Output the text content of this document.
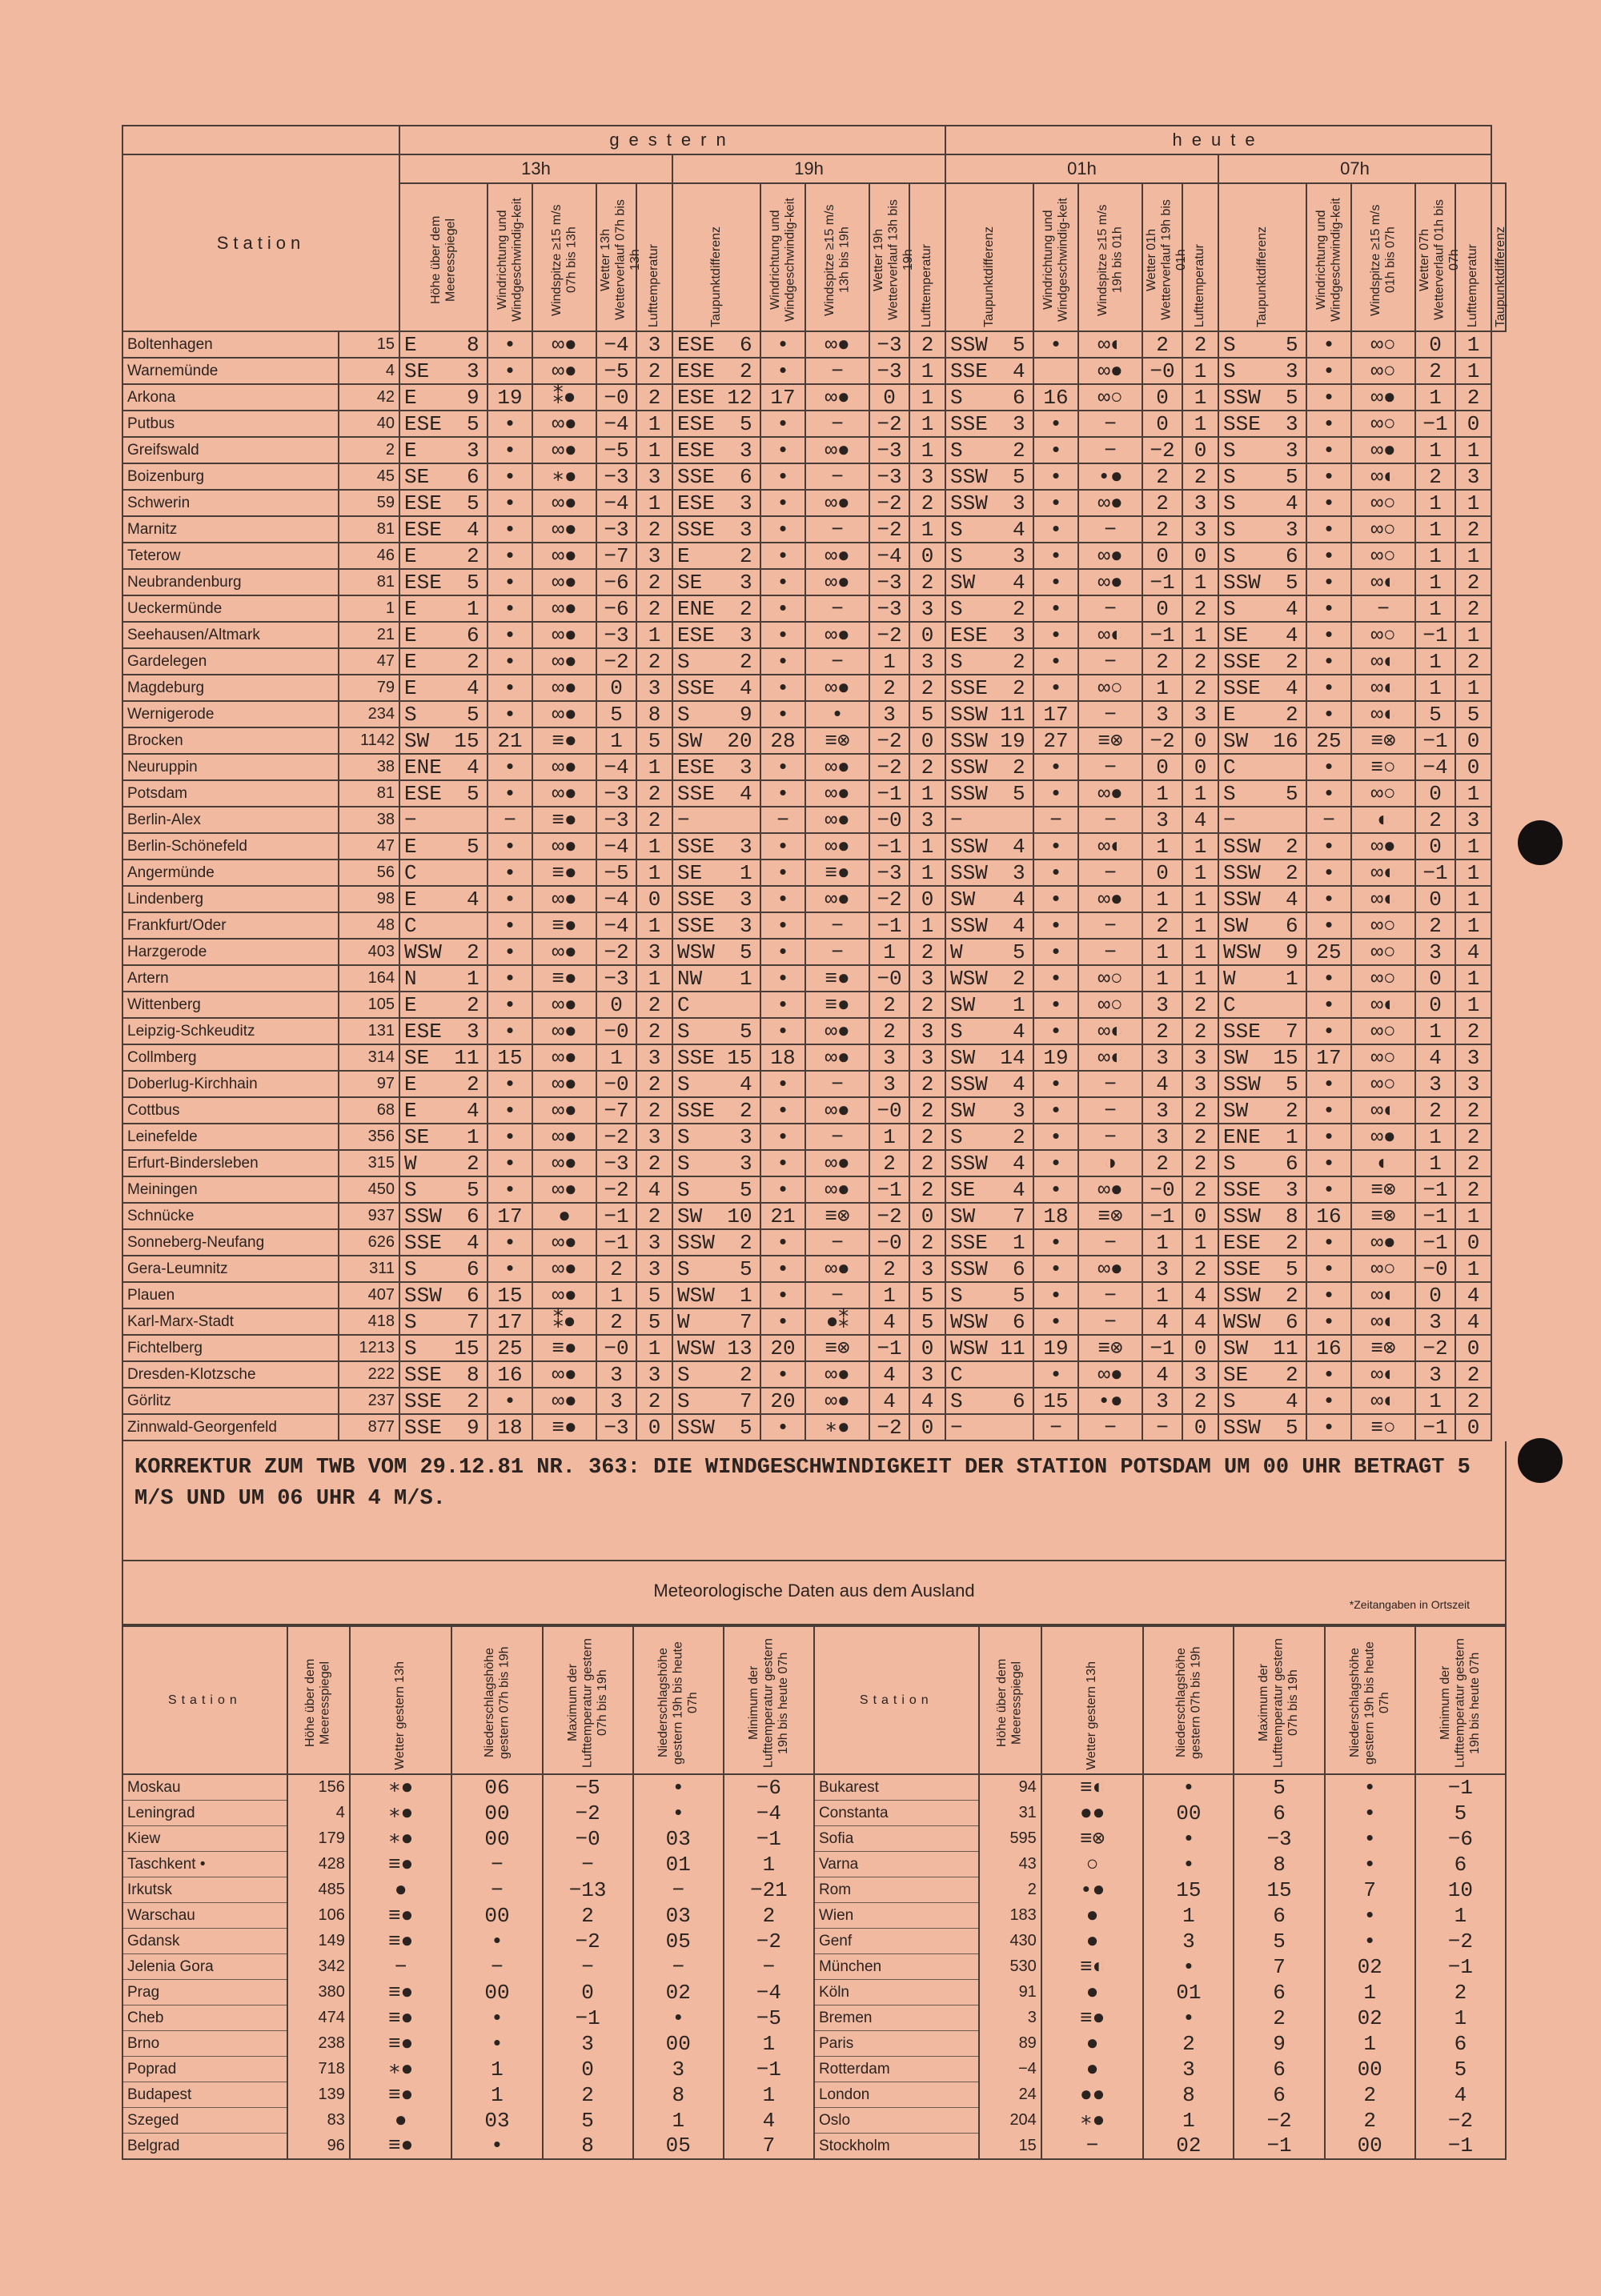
		gestern										heute										
Station		13h					19h					01h					07h					

		Höhe über dem Meeresspiegel	Windrichtung und Windgeschwindig-keit	Windspitze ≥15 m/s 07h bis 13h	Wetter 13h Wetterverlauf 07h bis 13h	Lufttemperatur	Taupunktdifferenz	Windrichtung und Windgeschwindig-keit	Windspitze ≥15 m/s 13h bis 19h	Wetter 19h Wetterverlauf 13h bis 19h	Lufttemperatur	Taupunktdifferenz	Windrichtung und Windgeschwindig-keit	Windspitze ≥15 m/s 19h bis 01h	Wetter 01h Wetterverlauf 19h bis 01h	Lufttemperatur	Taupunktdifferenz	Windrichtung und Windgeschwindig-keit	Windspitze ≥15 m/s 01h bis 07h	Wetter 07h Wetterverlauf 01h bis 07h	Lufttemperatur	Taupunktdifferenz

Boltenhagen	15	E    8	•	∞●	−4	3	ESE  6	•	∞●	−3	2	SSW  5	•	∞◐	2	2	S    5	•	∞○	0	1	
Warnemünde	4	SE   3	•	∞●	−5	2	ESE  2	•	−	−3	1	SSE  4		∞●	−0	1	S    3	•	∞○	2	1	
Arkona	42	E    9	19	⁑●	−0	2	ESE 12	17	∞●	0	1	S    6	16	∞○	0	1	SSW  5	•	∞●	1	2	
Putbus	40	ESE  5	•	∞●	−4	1	ESE  5	•	−	−2	1	SSE  3	•	−	0	1	SSE  3	•	∞○	−1	0	
Greifswald	2	E    3	•	∞●	−5	1	ESE  3	•	∞●	−3	1	S    2	•	−	−2	0	S    3	•	∞●	1	1	
Boizenburg	45	SE   6	•	∗●	−3	3	SSE  6	•	−	−3	3	SSW  5	•	•●	2	2	S    5	•	∞◐	2	3	
Schwerin	59	ESE  5	•	∞●	−4	1	ESE  3	•	∞●	−2	2	SSW  3	•	∞●	2	3	S    4	•	∞○	1	1	
Marnitz	81	ESE  4	•	∞●	−3	2	SSE  3	•	−	−2	1	S    4	•	−	2	3	S    3	•	∞○	1	2	
Teterow	46	E    2	•	∞●	−7	3	E    2	•	∞●	−4	0	S    3	•	∞●	0	0	S    6	•	∞○	1	1	
Neubrandenburg	81	ESE  5	•	∞●	−6	2	SE   3	•	∞●	−3	2	SW   4	•	∞●	−1	1	SSW  5	•	∞◐	1	2	
Ueckermünde	1	E    1	•	∞●	−6	2	ENE  2	•	−	−3	3	S    2	•	−	0	2	S    4	•	−	1	2	
Seehausen/Altmark	21	E    6	•	∞●	−3	1	ESE  3	•	∞●	−2	0	ESE  3	•	∞◐	−1	1	SE   4	•	∞○	−1	1	
Gardelegen	47	E    2	•	∞●	−2	2	S    2	•	−	1	3	S    2	•	−	2	2	SSE  2	•	∞◐	1	2	
Magdeburg	79	E    4	•	∞●	0	3	SSE  4	•	∞●	2	2	SSE  2	•	∞○	1	2	SSE  4	•	∞◐	1	1	
Wernigerode	234	S    5	•	∞●	5	8	S    9	•	•	3	5	SSW 11	17	−	3	3	E    2	•	∞◐	5	5	
Brocken	1142	SW  15	21	≡●	1	5	SW  20	28	≡⊗	−2	0	SSW 19	27	≡⊗	−2	0	SW  16	25	≡⊗	−1	0	
Neuruppin	38	ENE  4	•	∞●	−4	1	ESE  3	•	∞●	−2	2	SSW  2	•	−	0	0	C	•	≡○	−4	0	
Potsdam	81	ESE  5	•	∞●	−3	2	SSE  4	•	∞●	−1	1	SSW  5	•	∞●	1	1	S    5	•	∞○	0	1	
Berlin-Alex	38	−	−	≡●	−3	2	−	−	∞●	−0	3	−	−	−	3	4	−	−	◐	2	3	
Berlin-Schönefeld	47	E    5	•	∞●	−4	1	SSE  3	•	∞●	−1	1	SSW  4	•	∞◐	1	1	SSW  2	•	∞●	0	1	
Angermünde	56	C	•	≡●	−5	1	SE   1	•	≡●	−3	1	SSW  3	•	−	0	1	SSW  2	•	∞◐	−1	1	
Lindenberg	98	E    4	•	∞●	−4	0	SSE  3	•	∞●	−2	0	SW   4	•	∞●	1	1	SSW  4	•	∞◐	0	1	
Frankfurt/Oder	48	C	•	≡●	−4	1	SSE  3	•	−	−1	1	SSW  4	•	−	2	1	SW   6	•	∞○	2	1	
Harzgerode	403	WSW  2	•	∞●	−2	3	WSW  5	•	−	1	2	W    5	•	−	1	1	WSW  9	25	∞○	3	4	
Artern	164	N    1	•	≡●	−3	1	NW   1	•	≡●	−0	3	WSW  2	•	∞○	1	1	W    1	•	∞○	0	1	
Wittenberg	105	E    2	•	∞●	0	2	C	•	≡●	2	2	SW   1	•	∞○	3	2	C	•	∞◐	0	1	
Leipzig-Schkeuditz	131	ESE  3	•	∞●	−0	2	S    5	•	∞●	2	3	S    4	•	∞◐	2	2	SSE  7	•	∞○	1	2	
Collmberg	314	SE  11	15	∞●	1	3	SSE 15	18	∞●	3	3	SW  14	19	∞◐	3	3	SW  15	17	∞○	4	3	
Doberlug-Kirchhain	97	E    2	•	∞●	−0	2	S    4	•	−	3	2	SSW  4	•	−	4	3	SSW  5	•	∞○	3	3	
Cottbus	68	E    4	•	∞●	−7	2	SSE  2	•	∞●	−0	2	SW   3	•	−	3	2	SW   2	•	∞◐	2	2	
Leinefelde	356	SE   1	•	∞●	−2	3	S    3	•	−	1	2	S    2	•	−	3	2	ENE  1	•	∞●	1	2	
Erfurt-Bindersleben	315	W    2	•	∞●	−3	2	S    3	•	∞●	2	2	SSW  4	•	◑	2	2	S    6	•	◐	1	2	
Meiningen	450	S    5	•	∞●	−2	4	S    5	•	∞●	−1	2	SE   4	•	∞●	−0	2	SSE  3	•	≡⊗	−1	2	
Schnücke	937	SSW  6	17	●	−1	2	SW  10	21	≡⊗	−2	0	SW   7	18	≡⊗	−1	0	SSW  8	16	≡⊗	−1	1	
Sonneberg-Neufang	626	SSE  4	•	∞●	−1	3	SSW  2	•	−	−0	2	SSE  1	•	−	1	1	ESE  2	•	∞●	−1	0	
Gera-Leumnitz	311	S    6	•	∞●	2	3	S    5	•	∞●	2	3	SSW  6	•	∞●	3	2	SSE  5	•	∞○	−0	1	
Plauen	407	SSW  6	15	∞●	1	5	WSW  1	•	−	1	5	S    5	•	−	1	4	SSW  2	•	∞◐	0	4	
Karl-Marx-Stadt	418	S    7	17	⁑●	2	5	W    7	•	●⁑	4	5	WSW  6	•	−	4	4	WSW  6	•	∞◐	3	4	
Fichtelberg	1213	S   15	25	≡●	−0	1	WSW 13	20	≡⊗	−1	0	WSW 11	19	≡⊗	−1	0	SW  11	16	≡⊗	−2	0	
Dresden-Klotzsche	222	SSE  8	16	∞●	3	3	S    2	•	∞●	4	3	C	•	∞●	4	3	SE   2	•	∞◐	3	2	
Görlitz	237	SSE  2	•	∞●	3	2	S    7	20	∞●	4	4	S    6	15	•●	3	2	S    4	•	∞◐	1	2	
Zinnwald-Georgenfeld	877	SSE  9	18	≡●	−3	0	SSW  5	•	∗●	−2	0	−	−	−	−	0	SSW  5	•	≡○	−1	0	
KORREKTUR ZUM TWB VOM 29.12.81 NR. 363: DIE WINDGESCHWINDIGKEIT DER STATION POTSDAM UM 00 UHR BETRAGT 5 M/S UND UM 06 UHR 4 M/S.
Meteorologische Daten aus dem Ausland
*Zeitangaben in Ortszeit
Station	Höhe über dem Meeresspiegel	Wetter gestern 13h	Niederschlagshöhe gestern 07h bis 19h	Maximum der Lufttemperatur gestern 07h bis 19h	Niederschlagshöhe gestern 19h bis heute 07h	Minimum der Lufttemperatur gestern 19h bis heute 07h	Station	Höhe über dem Meeresspiegel	Wetter gestern 13h	Niederschlagshöhe gestern 07h bis 19h	Maximum der Lufttemperatur gestern 07h bis 19h	Niederschlagshöhe gestern 19h bis heute 07h	Minimum der Lufttemperatur gestern 19h bis heute 07h

Moskau	156	∗●	06	−5	•	−6	Bukarest	94	≡◐	•	5	•	−1
Leningrad	4	∗●	00	−2	•	−4	Constanta	31	●●	00	6	•	5
Kiew	179	∗●	00	−0	03	−1	Sofia	595	≡⊗	•	−3	•	−6
Taschkent •	428	≡●	−	−	01	1	Varna	43	○	•	8	•	6
Irkutsk	485	●	−	−13	−	−21	Rom	2	•●	15	15	7	10
Warschau	106	≡●	00	2	03	2	Wien	183	●	1	6	•	1
Gdansk	149	≡●	•	−2	05	−2	Genf	430	●	3	5	•	−2
Jelenia Gora	342	−	−	−	−	−	München	530	≡◐	•	7	02	−1
Prag	380	≡●	00	0	02	−4	Köln	91	●	01	6	1	2
Cheb	474	≡●	•	−1	•	−5	Bremen	3	≡●	•	2	02	1
Brno	238	≡●	•	3	00	1	Paris	89	●	2	9	1	6
Poprad	718	∗●	1	0	3	−1	Rotterdam	−4	●	3	6	00	5
Budapest	139	≡●	1	2	8	1	London	24	●●	8	6	2	4
Szeged	83	●	03	5	1	4	Oslo	204	∗●	1	−2	2	−2
Belgrad	96	≡●	•	8	05	7	Stockholm	15	−	02	−1	00	−1
